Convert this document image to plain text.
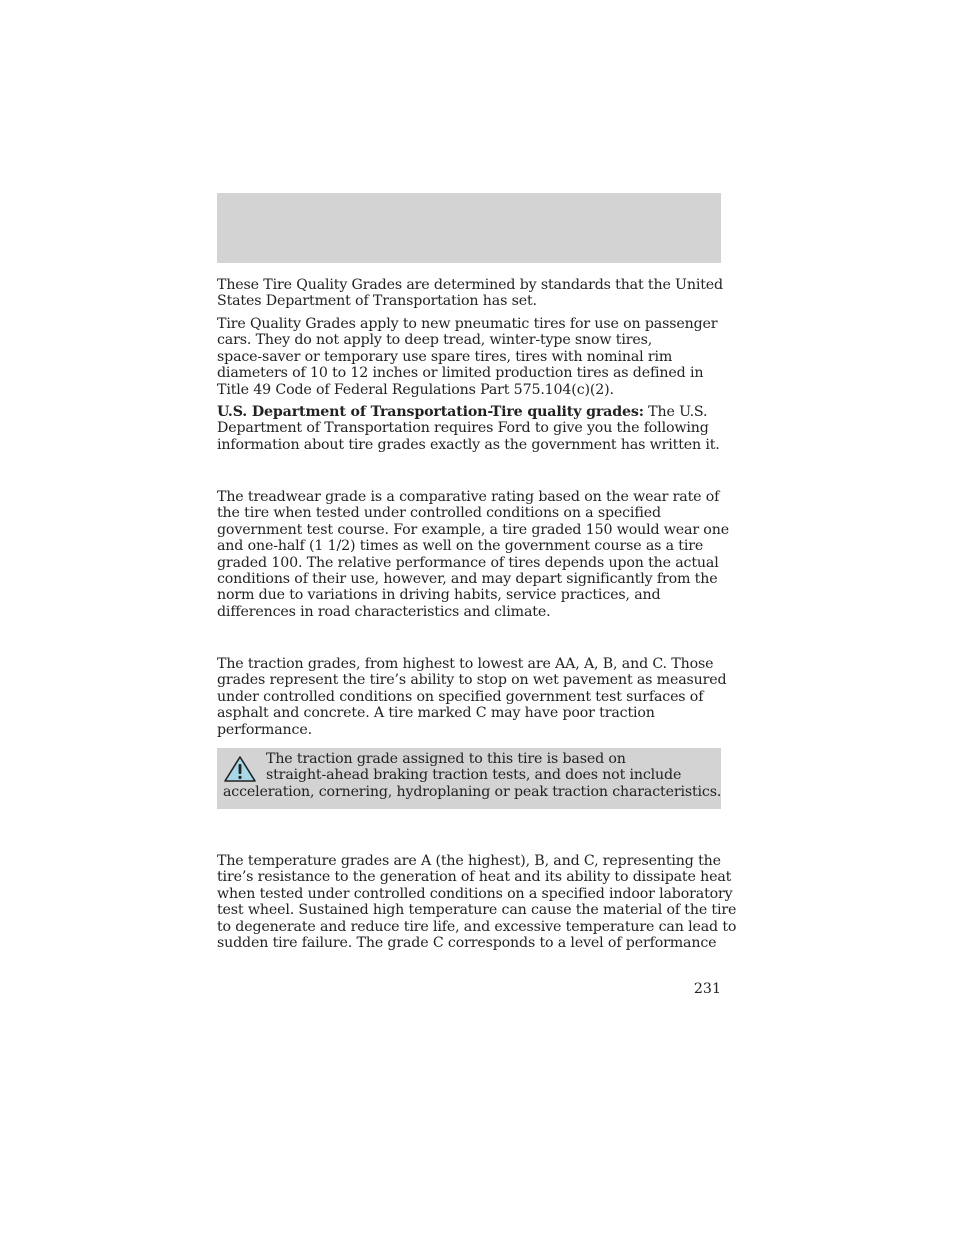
These Tire Quality Grades are determined by standards that the United
States Department of Transportation has set.

Tire Quality Grades apply to new pneumatic tires for use on passenger
cars. They do not apply to deep tread, winter-type snow tires,
space-saver or temporary use spare tires, tires with nominal rim
diameters of 10 to 12 inches or limited production tires as defined in
Title 49 Code of Federal Regulations Part 575.104(c)(2).

U.S. Department of Transportation-Tire quality grades: The U.S.
Department of Transportation requires Ford to give you the following
information about tire grades exactly as the government has written it.

The treadwear grade is a comparative rating based on the wear rate of
the tire when tested under controlled conditions on a specified
government test course. For example, a tire graded 150 would wear one
and one-half (1 1/2) times as well on the government course as a tire
graded 100. The relative performance of tires depends upon the actual
conditions of their use, however, and may depart significantly from the
norm due to variations in driving habits, service practices, and
differences in road characteristics and climate.

The traction grades, from highest to lowest are AA, A, B, and C. Those
grades represent the tire’s ability to stop on wet pavement as measured
under controlled conditions on specified government test surfaces of
asphalt and concrete. A tire marked C may have poor traction
performance.

The traction grade assigned to this tire is based on
straight-ahead braking traction tests, and does not include
acceleration, cornering, hydroplaning or peak traction characteristics.

The temperature grades are A (the highest), B, and C, representing the
tire’s resistance to the generation of heat and its ability to dissipate heat
when tested under controlled conditions on a specified indoor laboratory
test wheel. Sustained high temperature can cause the material of the tire
to degenerate and reduce tire life, and excessive temperature can lead to
sudden tire failure. The grade C corresponds to a level of performance

231
